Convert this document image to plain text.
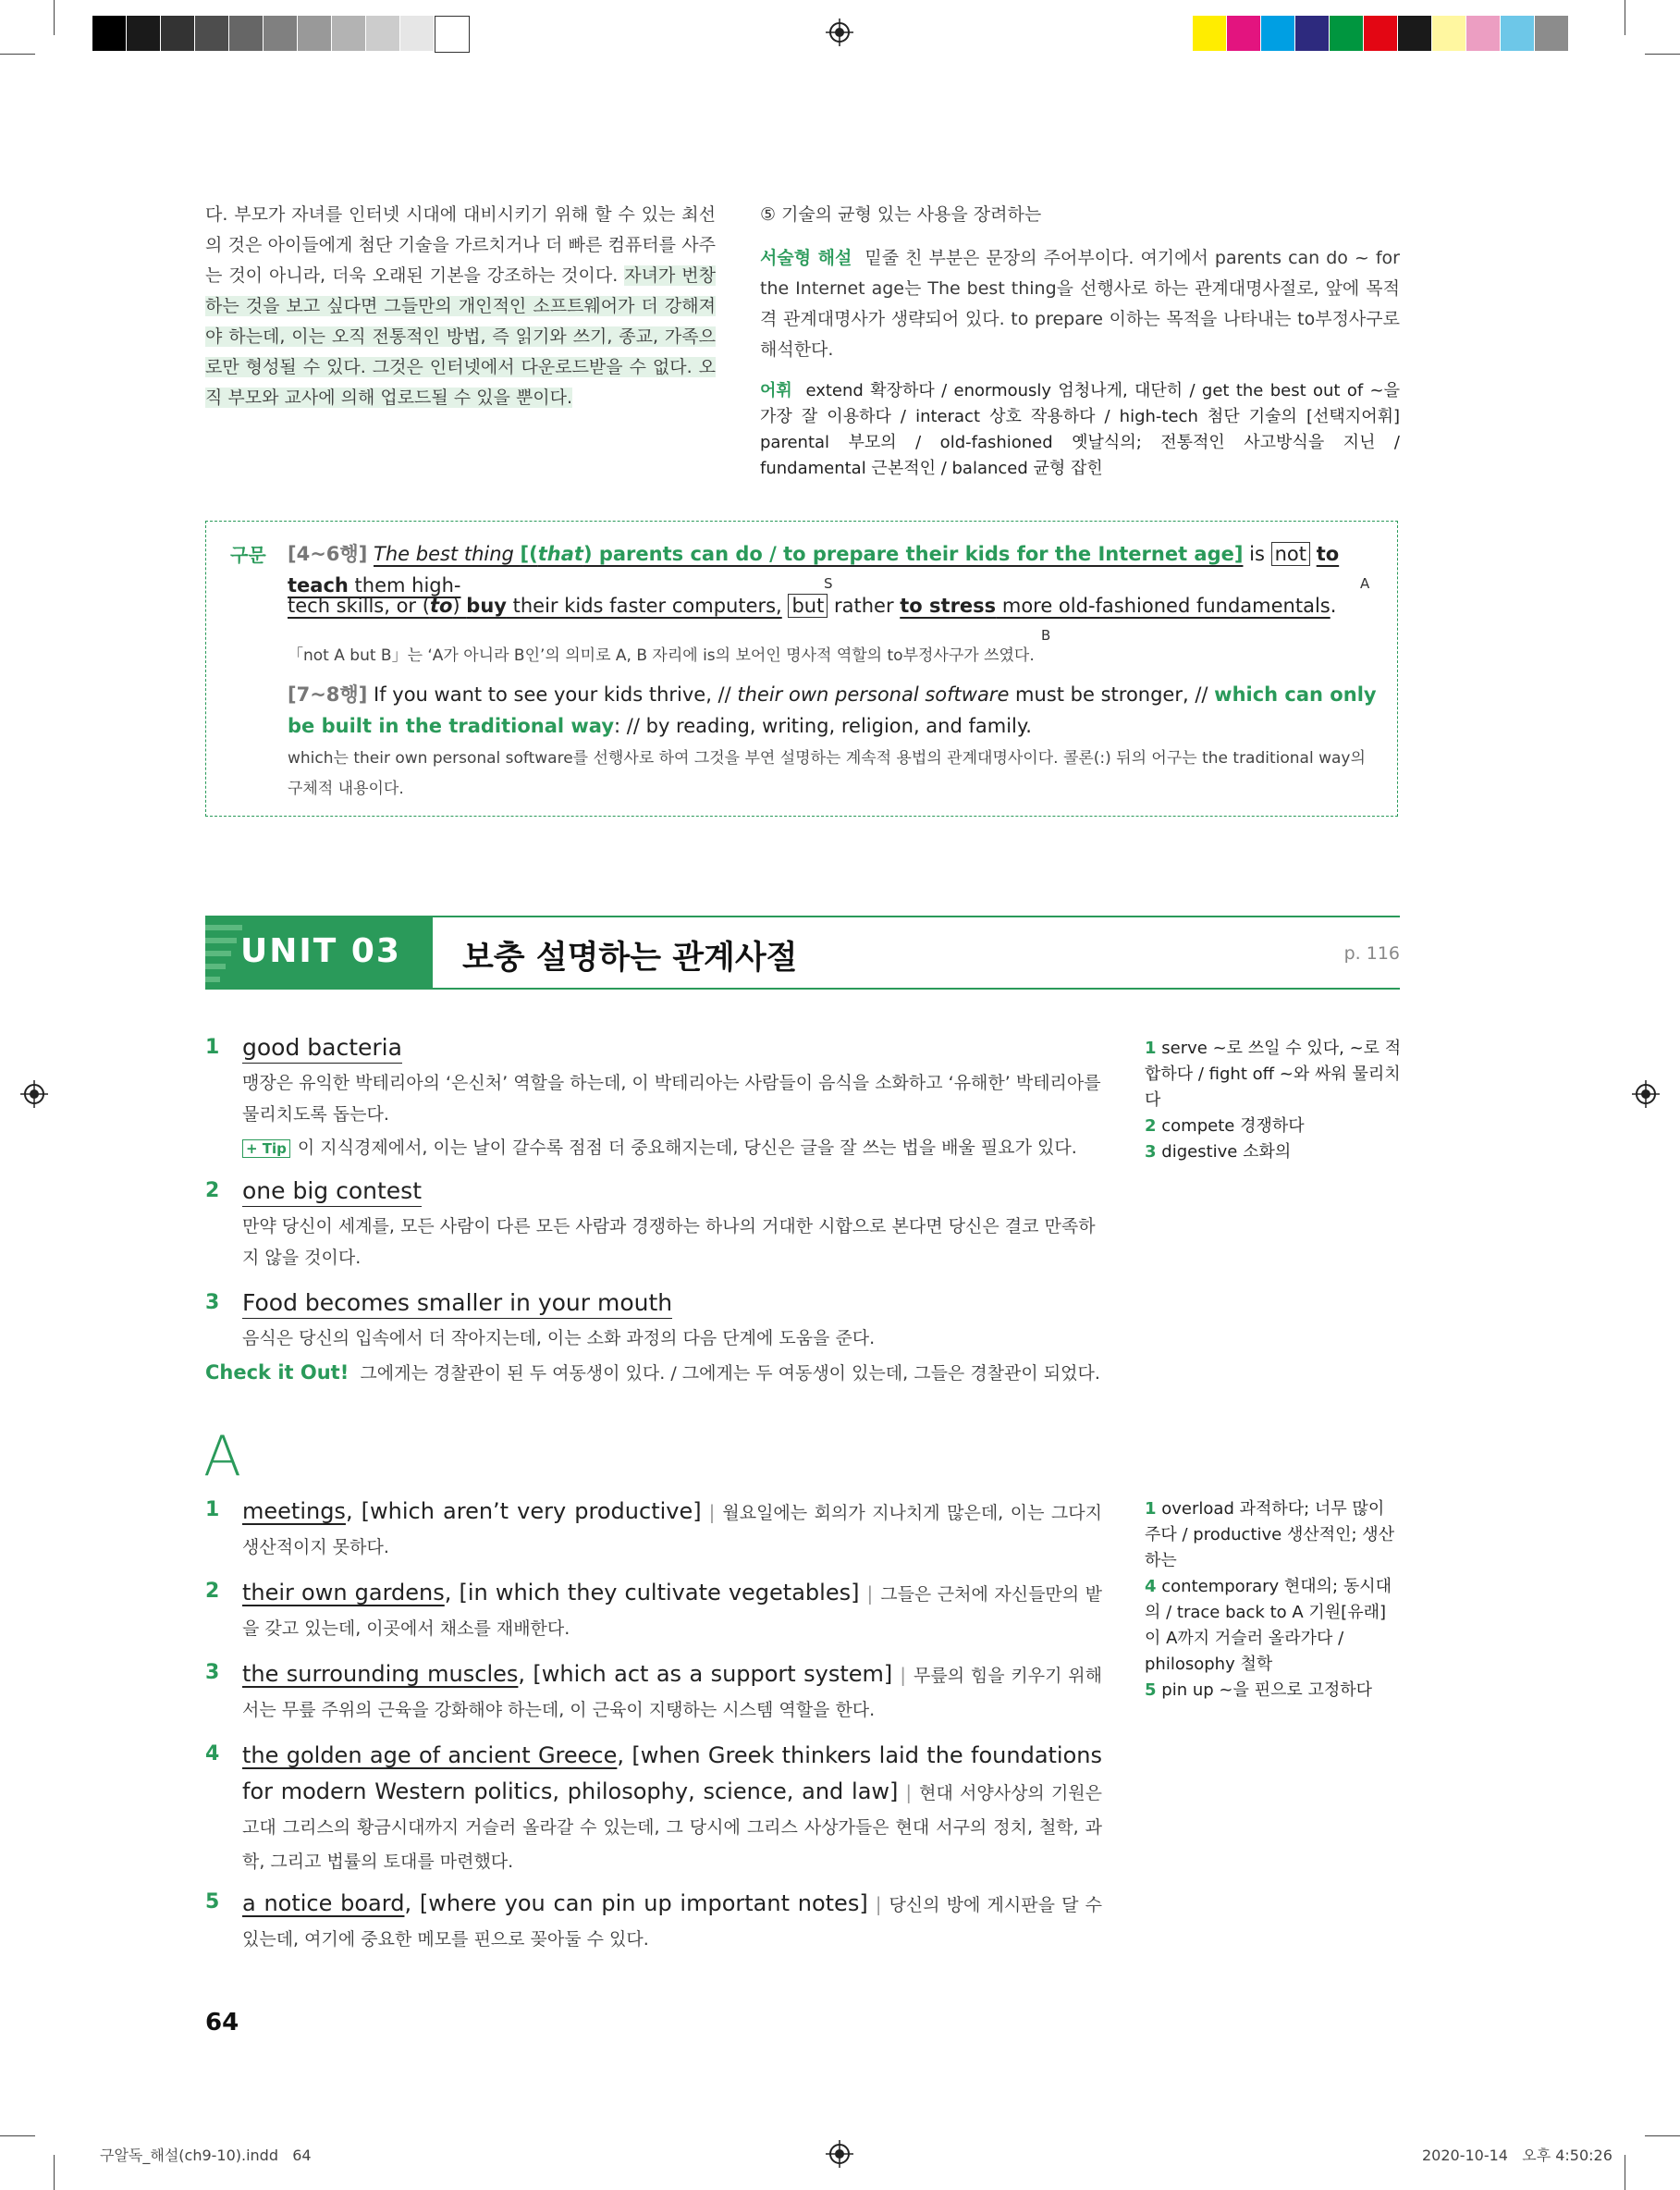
다. 부모가 자녀를 인터넷 시대에 대비시키기 위해 할 수 있는 최선의 것은 아이들에게 첨단 기술을 가르치거나 더 빠른 컴퓨터를 사주는 것이 아니라, 더욱 오래된 기본을 강조하는 것이다. 자녀가 번창하는 것을 보고 싶다면 그들만의 개인적인 소프트웨어가 더 강해져야 하는데, 이는 오직 전통적인 방법, 즉 읽기와 쓰기, 종교, 가족으로만 형성될 수 있다. 그것은 인터넷에서 다운로드받을 수 없다. 오직 부모와 교사에 의해 업로드될 수 있을 뿐이다.
⑤ 기술의 균형 있는 사용을 장려하는
서술형 해설 밑줄 친 부분은 문장의 주어부이다. 여기에서 parents can do ~ for the Internet age는 The best thing을 선행사로 하는 관계대명사절로, 앞에 목적격 관계대명사가 생략되어 있다. to prepare 이하는 목적을 나타내는 to부정사구로 해석한다.
어휘 extend 확장하다 / enormously 엄청나게, 대단히 / get the best out of ~을 가장 잘 이용하다 / interact 상호 작용하다 / high-tech 첨단 기술의 [선택지어휘] parental 부모의 / old-fashioned 옛날식의; 전통적인 사고방식을 지닌 / fundamental 근본적인 / balanced 균형 잡힌
구문 [4~6행] The best thing [(that) parents can do / to prepare their kids for the Internet age] is not to teach them high-	S	A
tech skills, or (to) buy their kids faster computers, but rather to stress more old-fashioned fundamentals.
B
「not A but B」는 ‘A가 아니라 B인’의 의미로 A, B 자리에 is의 보어인 명사적 역할의 to부정사구가 쓰였다.
[7~8행] If you want to see your kids thrive, // their own personal software must be stronger, // which can only be built in the traditional way: // by reading, writing, religion, and family.
which는 their own personal software를 선행사로 하여 그것을 부연 설명하는 계속적 용법의 관계대명사이다. 콜론(:) 뒤의 어구는 the traditional way의 구체적 내용이다.
UNIT 03 보충 설명하는 관계사절	p. 116
1 good bacteria
맹장은 유익한 박테리아의 ‘은신처’ 역할을 하는데, 이 박테리아는 사람들이 음식을 소화하고 ‘유해한’ 박테리아를 물리치도록 돕는다.
+ Tip 이 지식경제에서, 이는 날이 갈수록 점점 더 중요해지는데, 당신은 글을 잘 쓰는 법을 배울 필요가 있다.
2 one big contest
만약 당신이 세계를, 모든 사람이 다른 모든 사람과 경쟁하는 하나의 거대한 시합으로 본다면 당신은 결코 만족하지 않을 것이다.
3 Food becomes smaller in your mouth
음식은 당신의 입속에서 더 작아지는데, 이는 소화 과정의 다음 단계에 도움을 준다.
Check it Out! 그에게는 경찰관이 된 두 여동생이 있다. / 그에게는 두 여동생이 있는데, 그들은 경찰관이 되었다.
1 serve ~로 쓰일 수 있다, ~로 적합하다 / fight off ~와 싸워 물리치다
2 compete 경쟁하다
3 digestive 소화의
A
1 meetings, [which aren’t very productive] | 월요일에는 회의가 지나치게 많은데, 이는 그다지 생산적이지 못하다.
2 their own gardens, [in which they cultivate vegetables] | 그들은 근처에 자신들만의 밭을 갖고 있는데, 이곳에서 채소를 재배한다.
3 the surrounding muscles, [which act as a support system] | 무릎의 힘을 키우기 위해서는 무릎 주위의 근육을 강화해야 하는데, 이 근육이 지탱하는 시스템 역할을 한다.
4 the golden age of ancient Greece, [when Greek thinkers laid the foundations for modern Western politics, philosophy, science, and law] | 현대 서양사상의 기원은 고대 그리스의 황금시대까지 거슬러 올라갈 수 있는데, 그 당시에 그리스 사상가들은 현대 서구의 정치, 철학, 과학, 그리고 법률의 토대를 마련했다.
5 a notice board, [where you can pin up important notes] | 당신의 방에 게시판을 달 수 있는데, 여기에 중요한 메모를 핀으로 꽂아둘 수 있다.
1 overload 과적하다; 너무 많이 주다 / productive 생산적인; 생산하는
4 contemporary 현대의; 동시대의 / trace back to A 기원[유래]이 A까지 거슬러 올라가다 / philosophy 철학
5 pin up ~을 핀으로 고정하다
64
구알독_해설(ch9-10).indd   64	2020-10-14   오후 4:50:26
